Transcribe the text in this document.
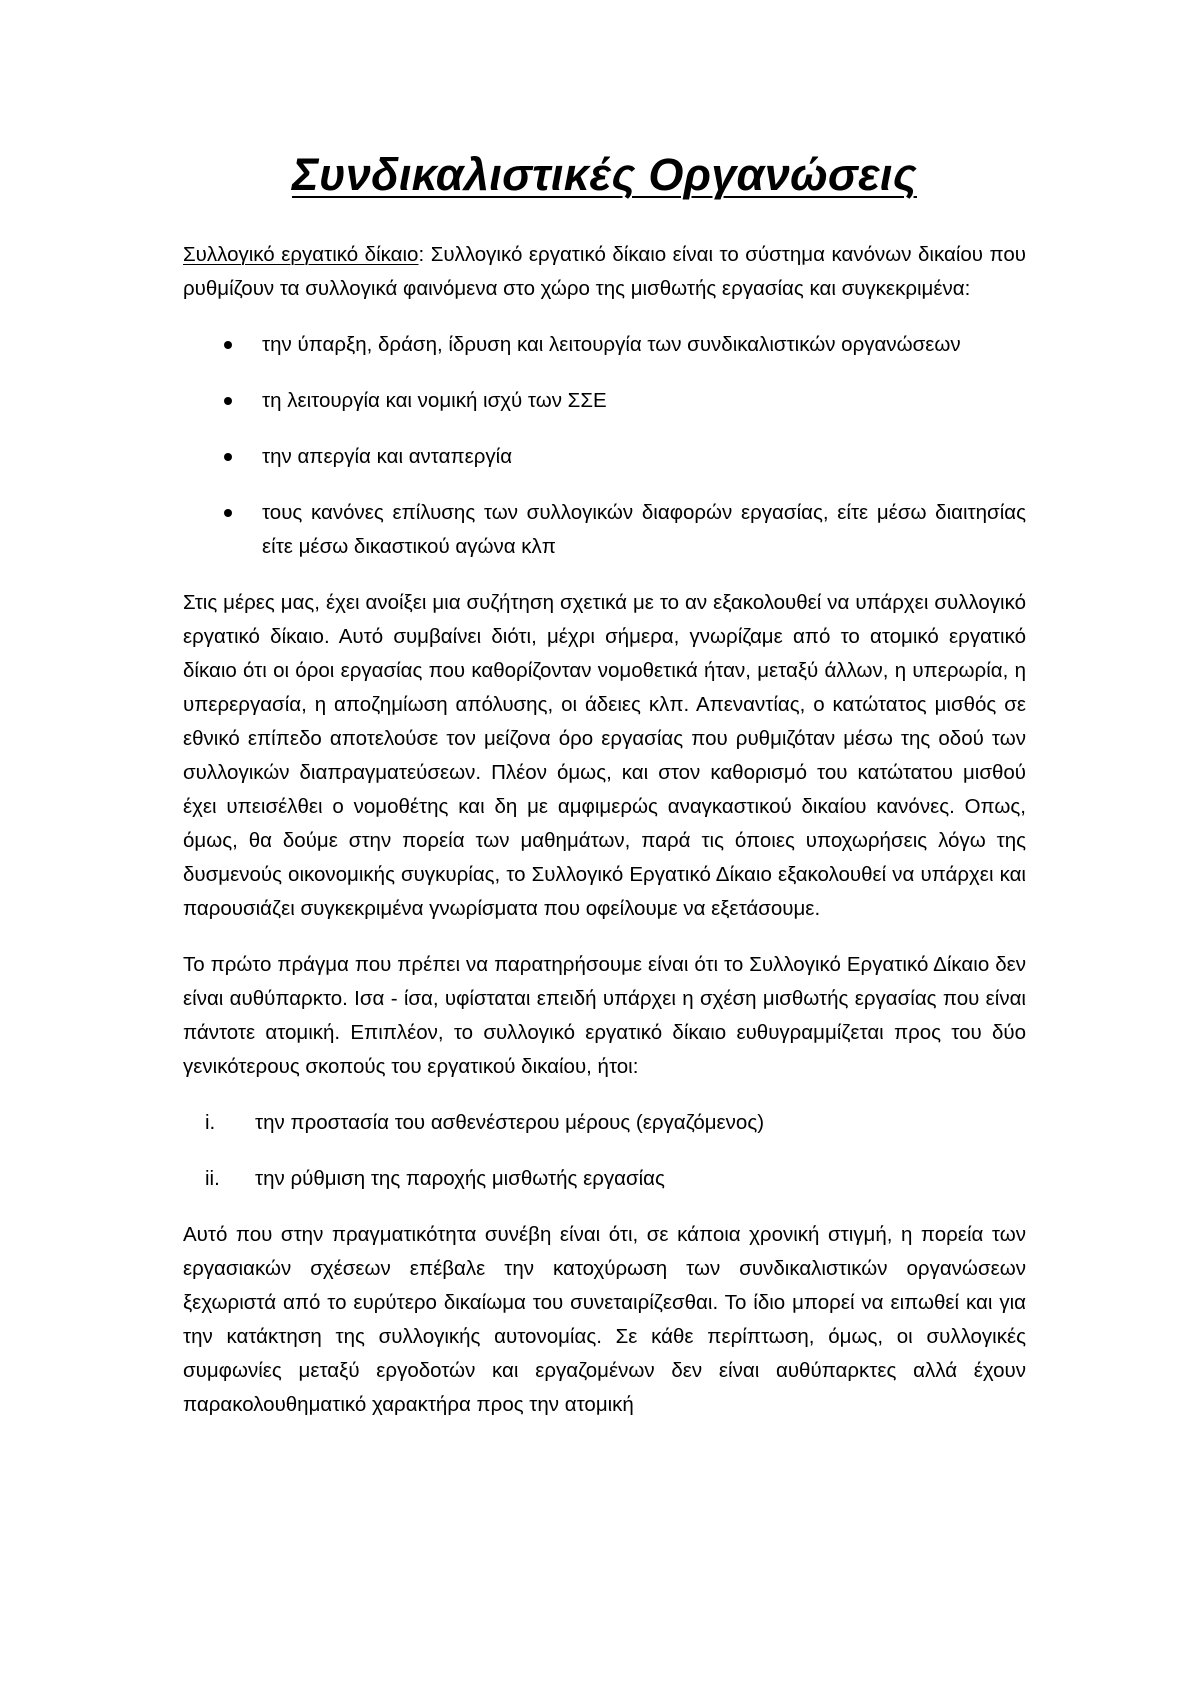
Συνδικαλιστικές Οργανώσεις

Συλλογικό εργατικό δίκαιο: Συλλογικό εργατικό δίκαιο είναι το σύστημα κανόνων δικαίου που ρυθμίζουν τα συλλογικά φαινόμενα στο χώρο της μισθωτής εργασίας και συγκεκριμένα:

την ύπαρξη, δράση, ίδρυση και λειτουργία των συνδικαλιστικών οργανώσεων
τη λειτουργία και νομική ισχύ των ΣΣΕ
την απεργία και ανταπεργία
τους κανόνες επίλυσης των συλλογικών διαφορών εργασίας, είτε μέσω διαιτησίας είτε μέσω δικαστικού αγώνα κλπ

Στις μέρες μας, έχει ανοίξει μια συζήτηση σχετικά με το αν εξακολουθεί να υπάρχει συλλογικό εργατικό δίκαιο. Αυτό συμβαίνει διότι, μέχρι σήμερα, γνωρίζαμε από το ατομικό εργατικό δίκαιο ότι οι όροι εργασίας που καθορίζονταν νομοθετικά ήταν, μεταξύ άλλων, η υπερωρία, η υπερεργασία, η αποζημίωση απόλυσης, οι άδειες κλπ. Απεναντίας, ο κατώτατος μισθός σε εθνικό επίπεδο αποτελούσε τον μείζονα όρο εργασίας που ρυθμιζόταν μέσω της οδού των συλλογικών διαπραγματεύσεων. Πλέον όμως, και στον καθορισμό του κατώτατου μισθού έχει υπεισέλθει ο νομοθέτης και δη με αμφιμερώς αναγκαστικού δικαίου κανόνες. Οπως, όμως, θα δούμε στην πορεία των μαθημάτων, παρά τις όποιες υποχωρήσεις λόγω της δυσμενούς οικονομικής συγκυρίας, το Συλλογικό Εργατικό Δίκαιο εξακολουθεί να υπάρχει και παρουσιάζει συγκεκριμένα γνωρίσματα που οφείλουμε να εξετάσουμε.

Το πρώτο πράγμα που πρέπει να παρατηρήσουμε είναι ότι το Συλλογικό Εργατικό Δίκαιο δεν είναι αυθύπαρκτο. Ισα - ίσα, υφίσταται επειδή υπάρχει η σχέση μισθωτής εργασίας που είναι πάντοτε ατομική. Επιπλέον, το συλλογικό εργατικό δίκαιο ευθυγραμμίζεται προς του δύο γενικότερους σκοπούς του εργατικού δικαίου, ήτοι:

i. την προστασία του ασθενέστερου μέρους (εργαζόμενος)
ii. την ρύθμιση της παροχής μισθωτής εργασίας

Αυτό που στην πραγματικότητα συνέβη είναι ότι, σε κάποια χρονική στιγμή, η πορεία των εργασιακών σχέσεων επέβαλε την κατοχύρωση των συνδικαλιστικών οργανώσεων ξεχωριστά από το ευρύτερο δικαίωμα του συνεταιρίζεσθαι. Το ίδιο μπορεί να ειπωθεί και για την κατάκτηση της συλλογικής αυτονομίας. Σε κάθε περίπτωση, όμως, οι συλλογικές συμφωνίες μεταξύ εργοδοτών και εργαζομένων δεν είναι αυθύπαρκτες αλλά έχουν παρακολουθηματικό χαρακτήρα προς την ατομική
